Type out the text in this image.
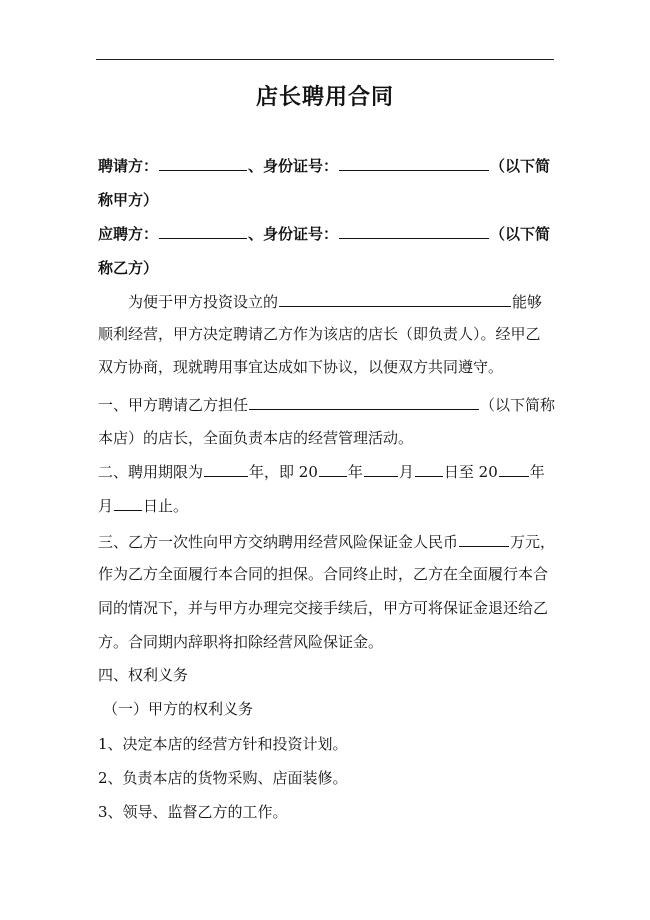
店长聘用合同
聘请方：	、身份证号：	（以下简
称甲方）
应聘方：	、身份证号：	（以下简
称乙方）
为便于甲方投资设立的	能够
顺利经营，甲方决定聘请乙方作为该店的店长（即负责人）。经甲乙
双方协商，现就聘用事宜达成如下协议，以便双方共同遵守。
一、甲方聘请乙方担任	（以下简称
本店）的店长，全面负责本店的经营管理活动。
二、聘用期限为	年，即 20 年 月 日至 20 年
月 日止。
三、乙方一次性向甲方交纳聘用经营风险保证金人民币	万元，
作为乙方全面履行本合同的担保。合同终止时，乙方在全面履行本合
同的情况下，并与甲方办理完交接手续后，甲方可将保证金退还给乙
方。合同期内辞职将扣除经营风险保证金。
四、权利义务
（一）甲方的权利义务
1、决定本店的经营方针和投资计划。
2、负责本店的货物采购、店面装修。
3、领导、监督乙方的工作。
